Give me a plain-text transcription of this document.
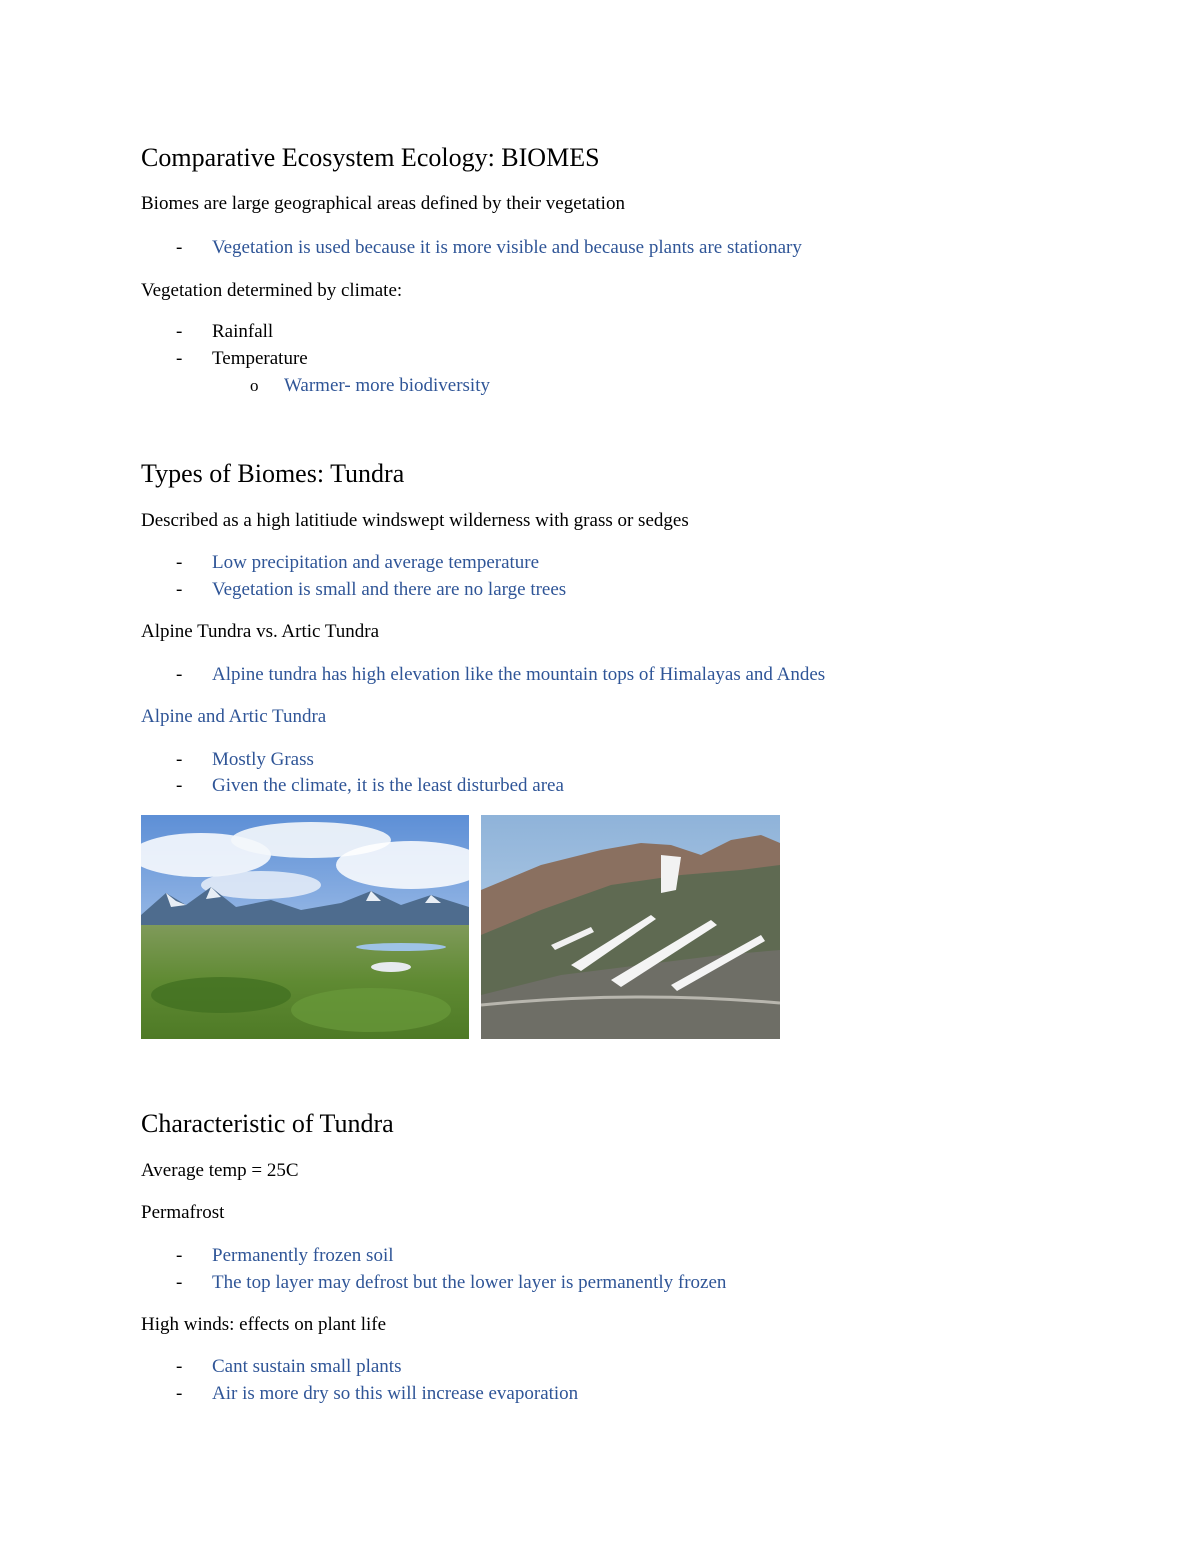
Comparative Ecosystem Ecology: BIOMES
Biomes are large geographical areas defined by their vegetation
- Vegetation is used because it is more visible and because plants are stationary
Vegetation determined by climate:
- Rainfall
- Temperature
o Warmer- more biodiversity
Types of Biomes: Tundra
Described as a high latitiude windswept wilderness with grass or sedges
- Low precipitation and average temperature
- Vegetation is small and there are no large trees
Alpine Tundra vs. Artic Tundra
- Alpine tundra has high elevation like the mountain tops of Himalayas and Andes
Alpine and Artic Tundra
- Mostly Grass
- Given the climate, it is the least disturbed area
Characteristic of Tundra
Average temp = 25C
Permafrost
- Permanently frozen soil
- The top layer may defrost but the lower layer is permanently frozen
High winds: effects on plant life
- Cant sustain small plants
- Air is more dry so this will increase evaporation
